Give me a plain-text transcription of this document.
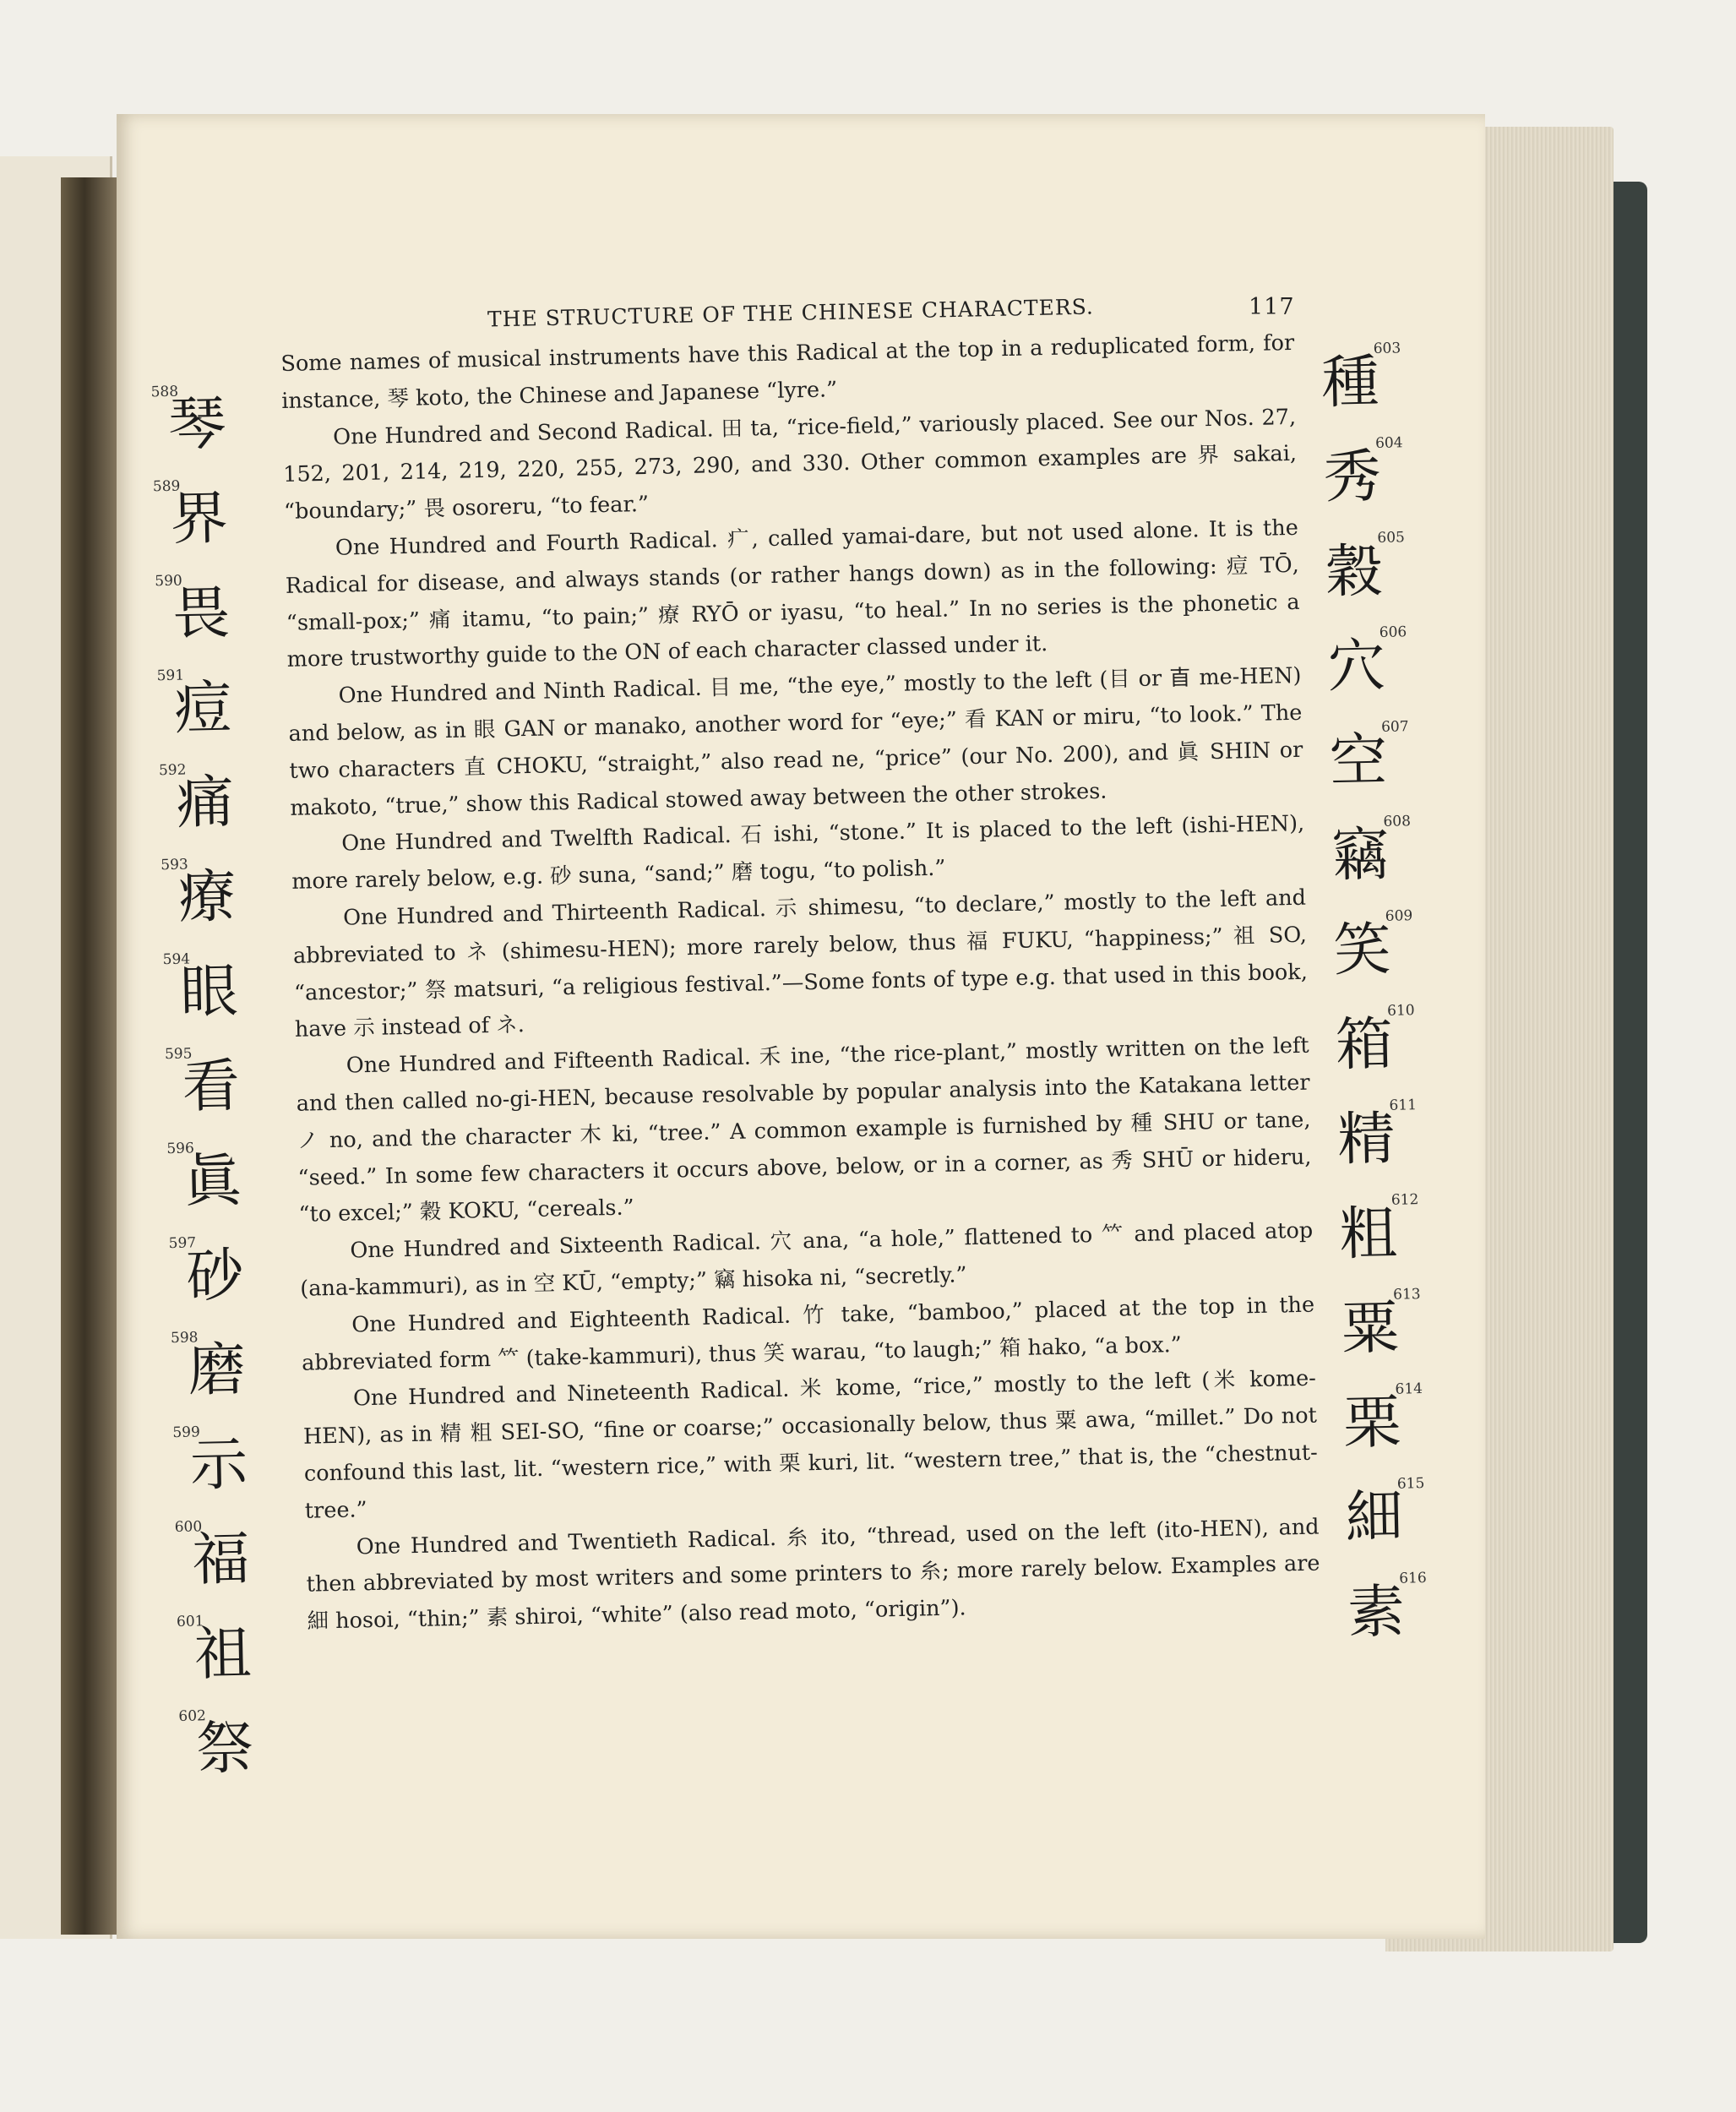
THE STRUCTURE OF THE CHINESE CHARACTERS.	117
588
琴
589
界
590
畏
591
痘
592
痛
593
療
594
眼
595
看
596
眞
597
砂
598
磨
599
示
600
福
601
祖
602
祭
603
種
604
秀
605
穀
606
穴
607
空
608
竊
609
笑
610
箱
611
精
612
粗
613
粟
614
栗
615
細
616
素

Some names of musical instruments have this Radical at the top in a reduplicated form, for instance, 琴 koto, the Chinese and Japanese “lyre.”

One Hundred and Second Radical. 田 ta, “rice-field,” variously placed. See our Nos. 27, 152, 201, 214, 219, 220, 255, 273, 290, and 330. Other common examples are 界 sakai, “boundary;” 畏 osoreru, “to fear.”

One Hundred and Fourth Radical. 疒, called yamai-dare, but not used alone. It is the Radical for disease, and always stands (or rather hangs down) as in the following: 痘 TŌ, “small-pox;” 痛 itamu, “to pain;” 療 RYŌ or iyasu, “to heal.” In no series is the phonetic a more trustworthy guide to the ON of each character classed under it.

One Hundred and Ninth Radical. 目 me, “the eye,” mostly to the left (目 or 𥃭 me-HEN) and below, as in 眼 GAN or manako, another word for “eye;” 看 KAN or miru, “to look.” The two characters 直 CHOKU, “straight,” also read ne, “price” (our No. 200), and 眞 SHIN or makoto, “true,” show this Radical stowed away between the other strokes.

One Hundred and Twelfth Radical. 石 ishi, “stone.” It is placed to the left (ishi-HEN), more rarely below, e.g. 砂 suna, “sand;” 磨 togu, “to polish.”

One Hundred and Thirteenth Radical. 示 shimesu, “to declare,” mostly to the left and abbreviated to ネ (shimesu-HEN); more rarely below, thus 福 FUKU, “happiness;” 祖 SO, “ancestor;” 祭 matsuri, “a religious festival.”—Some fonts of type e.g. that used in this book, have 示 instead of ネ.

One Hundred and Fifteenth Radical. 禾 ine, “the rice-plant,” mostly written on the left and then called no-gi-HEN, because resolvable by popular analysis into the Katakana letter ノ no, and the character 木 ki, “tree.” A common example is furnished by 種 SHU or tane, “seed.” In some few characters it occurs above, below, or in a corner, as 秀 SHŪ or hideru, “to excel;” 穀 KOKU, “cereals.”

One Hundred and Sixteenth Radical. 穴 ana, “a hole,” flattened to 𥫗 and placed atop (ana-kammuri), as in 空 KŪ, “empty;” 竊 hisoka ni, “secretly.”

One Hundred and Eighteenth Radical. 竹 take, “bamboo,” placed at the top in the abbreviated form 𥫗 (take-kammuri), thus 笑 warau, “to laugh;” 箱 hako, “a box.”

One Hundred and Nineteenth Radical. 米 kome, “rice,” mostly to the left (米 kome-HEN), as in 精 粗 SEI-SO, “fine or coarse;” occasionally below, thus 粟 awa, “millet.” Do not confound this last, lit. “western rice,” with 栗 kuri, lit. “western tree,” that is, the “chestnut-tree.”

One Hundred and Twentieth Radical. 糸 ito, “thread, used on the left (ito-HEN), and then abbreviated by most writers and some printers to 糸; more rarely below. Examples are 細 hosoi, “thin;” 素 shiroi, “white” (also read moto, “origin”).
